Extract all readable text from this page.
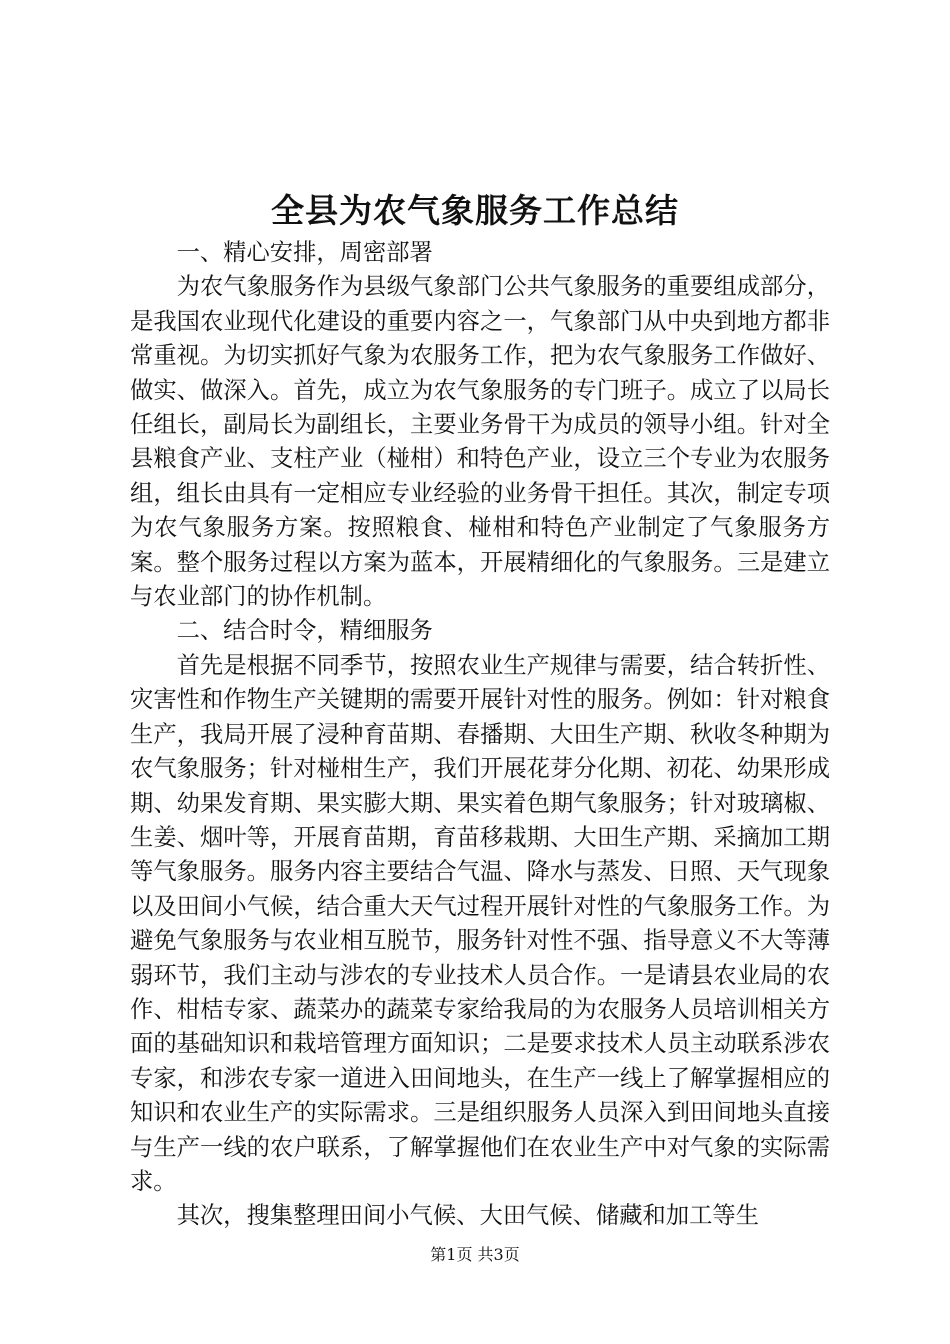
全县为农气象服务工作总结

一、精心安排，周密部署

为农气象服务作为县级气象部门公共气象服务的重要组成部分，是我国农业现代化建设的重要内容之一，气象部门从中央到地方都非常重视。为切实抓好气象为农服务工作，把为农气象服务工作做好、做实、做深入。首先，成立为农气象服务的专门班子。成立了以局长任组长，副局长为副组长，主要业务骨干为成员的领导小组。针对全县粮食产业、支柱产业（椪柑）和特色产业，设立三个专业为农服务组，组长由具有一定相应专业经验的业务骨干担任。其次，制定专项为农气象服务方案。按照粮食、椪柑和特色产业制定了气象服务方案。整个服务过程以方案为蓝本，开展精细化的气象服务。三是建立与农业部门的协作机制。

二、结合时令，精细服务

首先是根据不同季节，按照农业生产规律与需要，结合转折性、灾害性和作物生产关键期的需要开展针对性的服务。例如：针对粮食生产，我局开展了浸种育苗期、春播期、大田生产期、秋收冬种期为农气象服务；针对椪柑生产，我们开展花芽分化期、初花、幼果形成期、幼果发育期、果实膨大期、果实着色期气象服务；针对玻璃椒、生姜、烟叶等，开展育苗期，育苗移栽期、大田生产期、采摘加工期等气象服务。服务内容主要结合气温、降水与蒸发、日照、天气现象以及田间小气候，结合重大天气过程开展针对性的气象服务工作。为避免气象服务与农业相互脱节，服务针对性不强、指导意义不大等薄弱环节，我们主动与涉农的专业技术人员合作。一是请县农业局的农作、柑桔专家、蔬菜办的蔬菜专家给我局的为农服务人员培训相关方面的基础知识和栽培管理方面知识；二是要求技术人员主动联系涉农专家，和涉农专家一道进入田间地头，在生产一线上了解掌握相应的知识和农业生产的实际需求。三是组织服务人员深入到田间地头直接与生产一线的农户联系，了解掌握他们在农业生产中对气象的实际需求。

其次，搜集整理田间小气候、大田气候、储藏和加工等生

第1页 共3页
